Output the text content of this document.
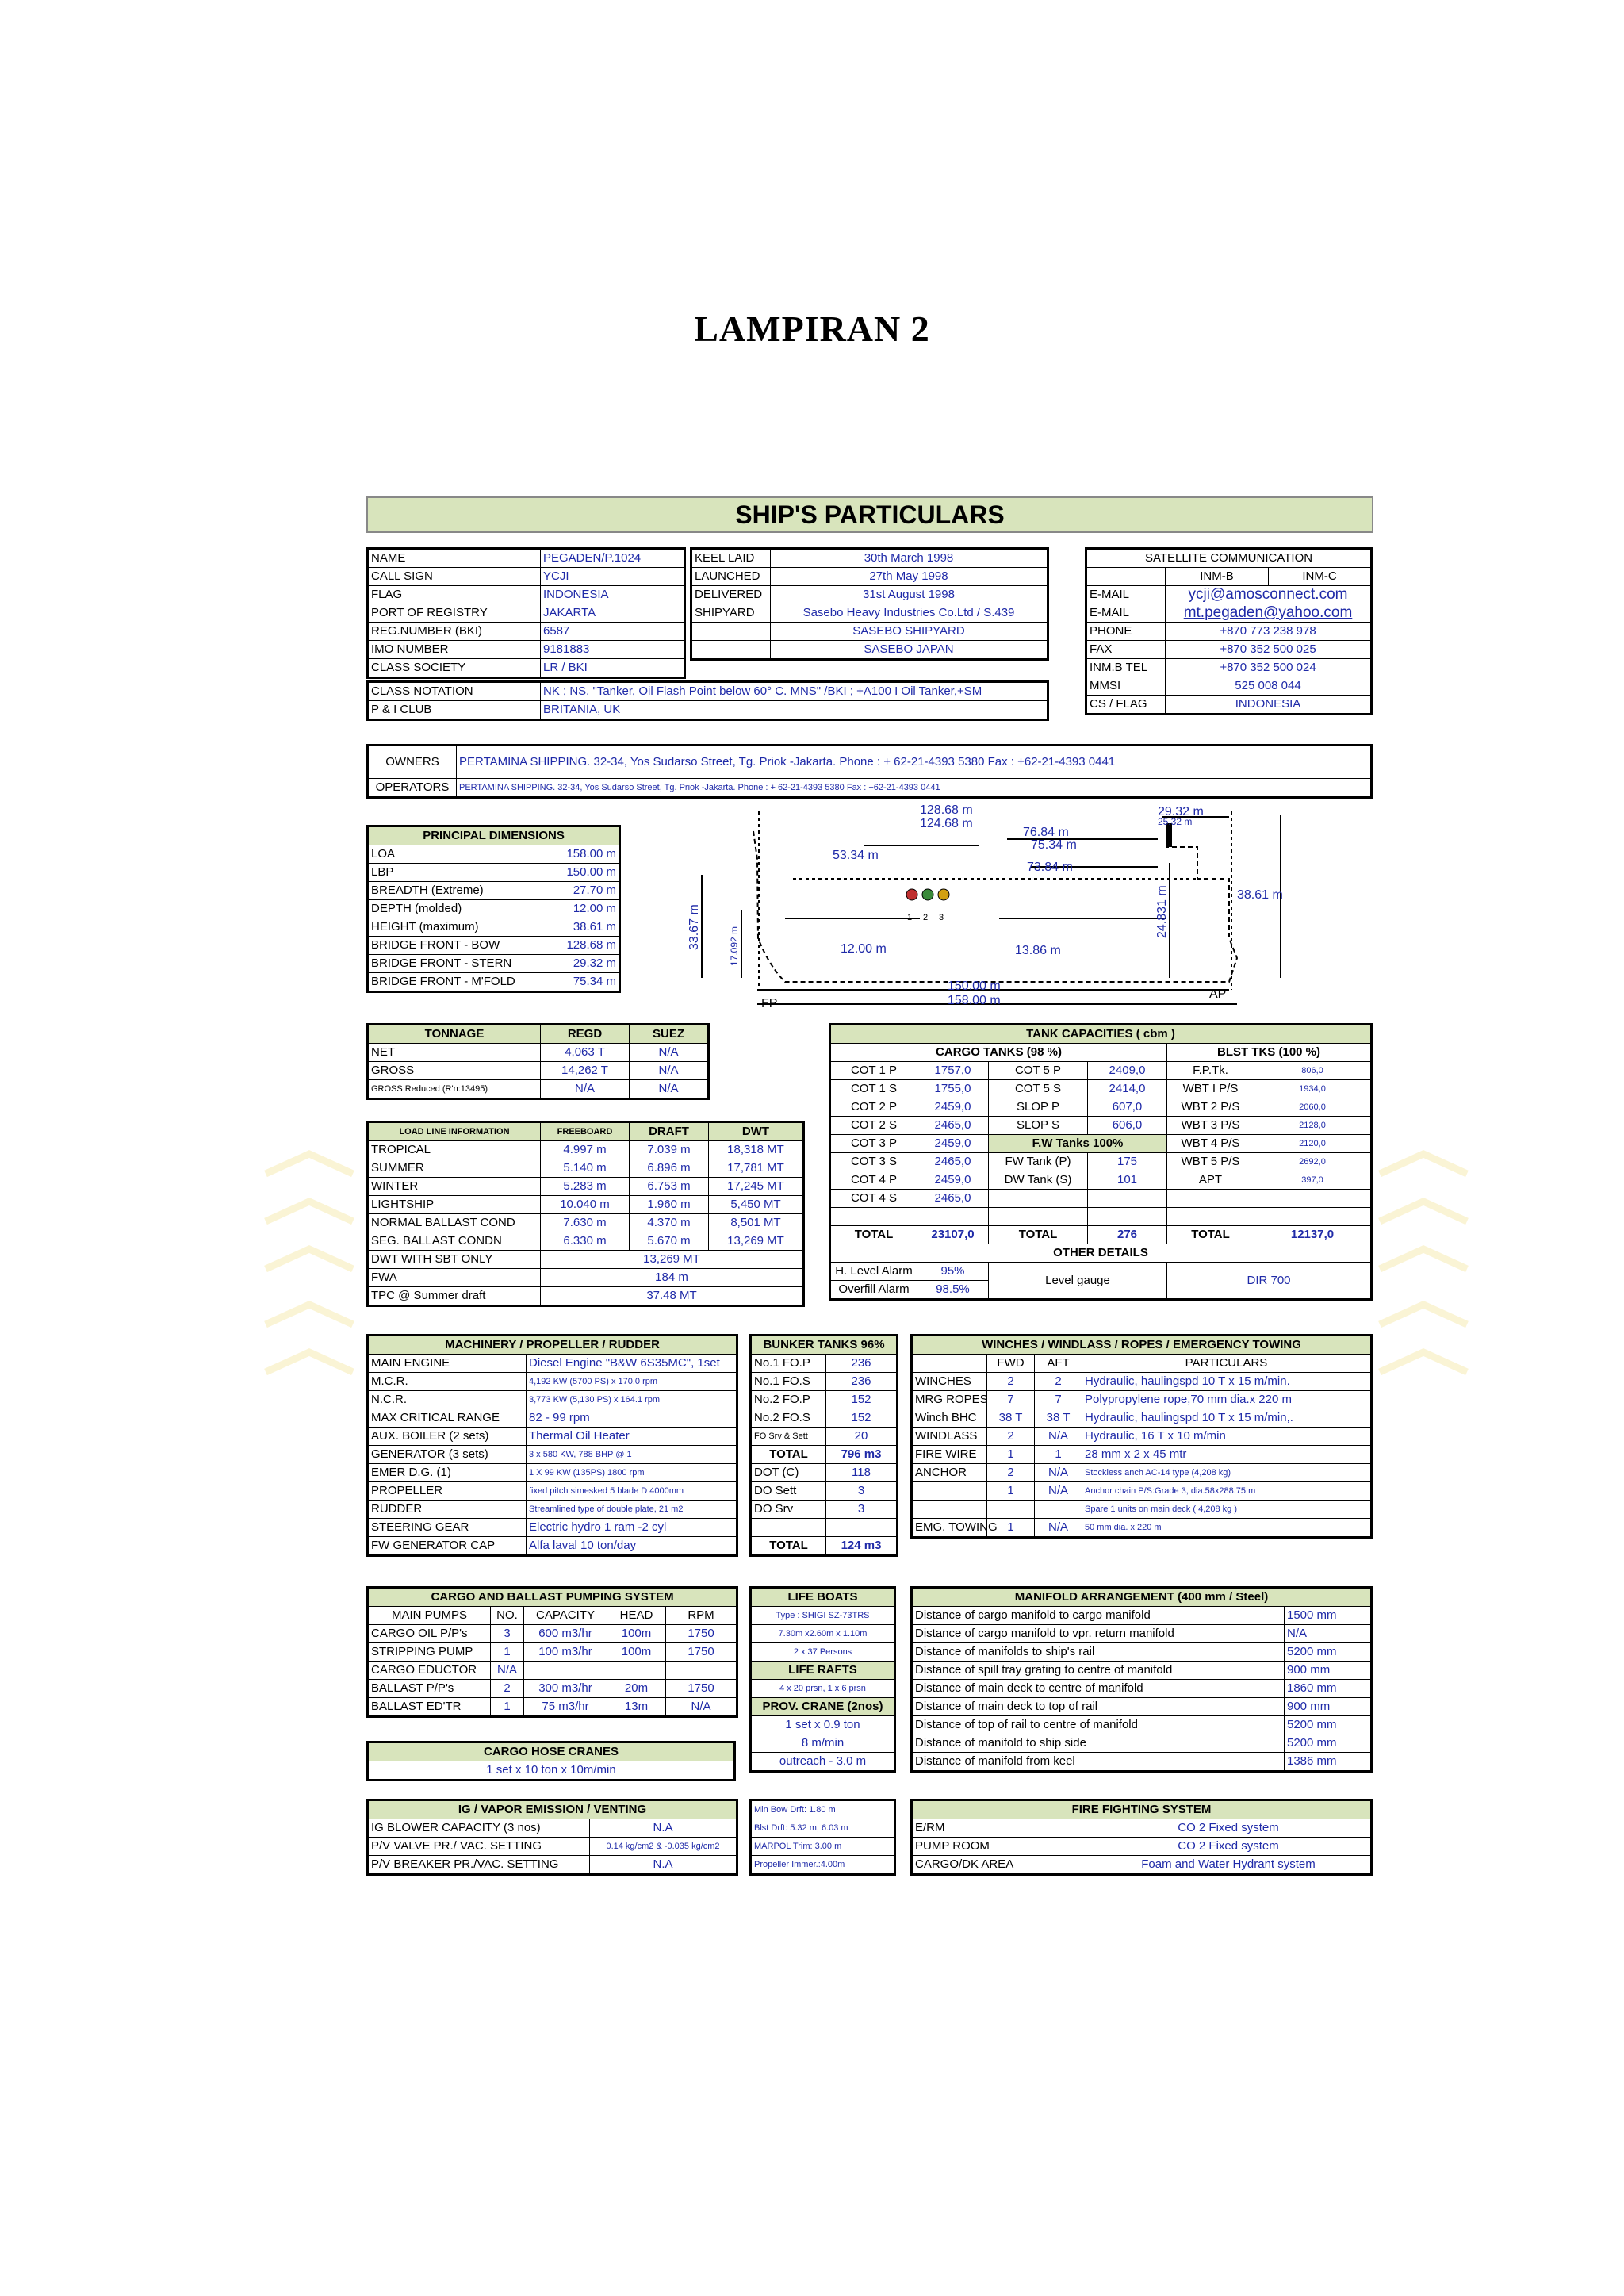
LAMPIRAN 2
SHIP'S PARTICULARS
NAME	PEGADEN/P.1024
CALL SIGN	YCJI
FLAG	INDONESIA
PORT OF REGISTRY	JAKARTA
REG.NUMBER (BKI)	6587
IMO NUMBER	9181883
CLASS SOCIETY	LR / BKI
KEEL LAID	30th March 1998
LAUNCHED	27th May 1998
DELIVERED	31st August 1998
SHIPYARD	Sasebo Heavy Industries Co.Ltd / S.439
	SASEBO SHIPYARD
	SASEBO JAPAN
CLASS NOTATION	NK ; NS, "Tanker, Oil Flash Point below 60° C. MNS" /BKI ; +A100 I Oil Tanker,+SM
P & I CLUB	BRITANIA, UK
SATELLITE COMMUNICATION		
	INM-B	INM-C
E-MAIL	ycji@amosconnect.com	
E-MAIL	mt.pegaden@yahoo.com	
PHONE	+870 773 238 978	
FAX	+870 352 500 025	
INM.B TEL	+870 352 500 024	
MMSI	525 008 044	
CS / FLAG	INDONESIA	
OWNERS	PERTAMINA SHIPPING. 32-34, Yos Sudarso Street, Tg. Priok -Jakarta. Phone : + 62-21-4393 5380 Fax : +62-21-4393 0441
OPERATORS	PERTAMINA SHIPPING. 32-34, Yos Sudarso Street, Tg. Priok -Jakarta. Phone : + 62-21-4393 5380 Fax : +62-21-4393 0441
PRINCIPAL DIMENSIONS	
LOA	158.00 m
LBP	150.00 m
BREADTH (Extreme)	27.70 m
DEPTH (molded)	12.00 m
HEIGHT (maximum)	38.61 m
BRIDGE FRONT - BOW	128.68 m
BRIDGE FRONT - STERN	29.32 m
BRIDGE FRONT - M'FOLD	75.34 m
128.68 m
124.68 m
29.32 m
25.32 m
53.34 m
76.84 m
75.34 m
73.84 m
38.61 m
12.00 m	13.86 m
150.00 m
158.00 m
FP
AP
1 2 3
33.67 m	17.092 m
24.831 m
TONNAGE	REGD	SUEZ
NET	4,063 T	N/A
GROSS	14,262 T	N/A
GROSS Reduced (R'n:13495)	N/A	N/A
LOAD LINE INFORMATION	FREEBOARD	DRAFT	DWT
TROPICAL	4.997 m	7.039 m	18,318 MT
SUMMER	5.140 m	6.896 m	17,781 MT
WINTER	5.283 m	6.753 m	17,245 MT
LIGHTSHIP	10.040 m	1.960 m	5,450 MT
NORMAL BALLAST COND	7.630 m	4.370 m	8,501 MT
SEG. BALLAST CONDN	6.330 m	5.670 m	13,269 MT
DWT WITH SBT ONLY	13,269 MT		
FWA	184 m		
TPC @ Summer draft	37.48 MT		
TANK CAPACITIES ( cbm )					
CARGO TANKS (98 %)				BLST TKS (100 %)	
COT 1 P	1757,0	COT 5 P	2409,0	F.P.Tk.	806,0
COT 1 S	1755,0	COT 5 S	2414,0	WBT I P/S	1934,0
COT 2 P	2459,0	SLOP P	607,0	WBT 2 P/S	2060,0
COT 2 S	2465,0	SLOP S	606,0	WBT 3 P/S	2128,0
COT 3 P	2459,0	F.W Tanks 100%		WBT 4 P/S	2120,0
COT 3 S	2465,0	FW Tank (P)	175	WBT 5 P/S	2692,0
COT 4 P	2459,0	DW Tank (S)	101	APT	397,0
COT 4 S	2465,0				

TOTAL	23107,0	TOTAL	276	TOTAL	12137,0
OTHER DETAILS					
H. Level Alarm	95%	Level gauge		DIR 700	
Overfill Alarm	98.5%				
MACHINERY / PROPELLER / RUDDER	
MAIN ENGINE	Diesel Engine "B&W 6S35MC", 1set
M.C.R.	4,192 KW (5700 PS) x 170.0 rpm
N.C.R.	3,773 KW (5,130 PS) x 164.1 rpm
MAX CRITICAL RANGE	82 - 99 rpm
AUX. BOILER (2 sets)	Thermal Oil Heater
GENERATOR (3 sets)	3 x 580 KW, 788 BHP @ 1
EMER D.G. (1)	1 X 99 KW (135PS) 1800 rpm
PROPELLER	fixed pitch simesked 5 blade D 4000mm
RUDDER	Streamlined type of double plate, 21 m2
STEERING GEAR	Electric hydro 1 ram -2 cyl
FW GENERATOR CAP	Alfa laval 10 ton/day
BUNKER TANKS 96%	
No.1 FO.P	236
No.1 FO.S	236
No.2 FO.P	152
No.2 FO.S	152
FO Srv & Sett	20
TOTAL	796 m3
DOT (C)	118
DO Sett	3
DO Srv	3

TOTAL	124 m3
WINCHES / WINDLASS / ROPES / EMERGENCY TOWING			
	FWD	AFT	PARTICULARS
WINCHES	2	2	Hydraulic, haulingspd 10 T x 15 m/min.
MRG ROPES	7	7	Polypropylene rope,70 mm dia.x 220 m
Winch BHC	38 T	38 T	Hydraulic, haulingspd 10 T x 15 m/min,.
WINDLASS	2	N/A	Hydraulic, 16 T x 10 m/min
FIRE WIRE	1	1	28 mm x 2 x 45 mtr
ANCHOR	2	N/A	Stockless anch AC-14 type (4,208 kg)
	1	N/A	Anchor chain P/S:Grade 3, dia.58x288.75 m
			Spare 1 units on main deck ( 4,208 kg )
EMG. TOWING	1	N/A	50 mm dia. x 220 m
CARGO AND BALLAST PUMPING SYSTEM				
MAIN PUMPS	NO.	CAPACITY	HEAD	RPM
CARGO OIL P/P's	3	600 m3/hr	100m	1750
STRIPPING PUMP	1	100 m3/hr	100m	1750
CARGO EDUCTOR	N/A			
BALLAST P/P's	2	300 m3/hr	20m	1750
BALLAST ED'TR	1	75 m3/hr	13m	N/A
CARGO HOSE CRANES
1 set x 10 ton x 10m/min
LIFE BOATS
Type : SHIGI SZ-73TRS
7.30m x2.60m x 1.10m
2 x 37 Persons
LIFE RAFTS
4 x 20 prsn, 1 x 6 prsn
PROV. CRANE (2nos)
1 set x 0.9 ton
8 m/min
outreach - 3.0 m
MANIFOLD ARRANGEMENT (400 mm / Steel)	
Distance of cargo manifold to cargo manifold	1500 mm
Distance of cargo manifold to vpr. return manifold	N/A
Distance of manifolds to ship's rail	5200 mm
Distance of spill tray grating to centre of manifold	900 mm
Distance of main deck to centre of manifold	1860 mm
Distance of main deck to top of rail	900 mm
Distance of top of rail to centre of manifold	5200 mm
Distance of manifold to ship side	5200 mm
Distance of manifold from keel	1386 mm
IG / VAPOR EMISSION / VENTING	
IG BLOWER CAPACITY (3 nos)	N.A
P/V VALVE PR./ VAC. SETTING	0.14 kg/cm2 & -0.035 kg/cm2
P/V BREAKER PR./VAC. SETTING	N.A
Min Bow Drft: 1.80 m
Blst Drft: 5.32 m, 6.03 m
MARPOL Trim: 3.00 m
Propeller Immer.:4.00m
FIRE FIGHTING SYSTEM	
E/RM	CO 2 Fixed system
PUMP ROOM	CO 2 Fixed system
CARGO/DK AREA	Foam and Water Hydrant system
